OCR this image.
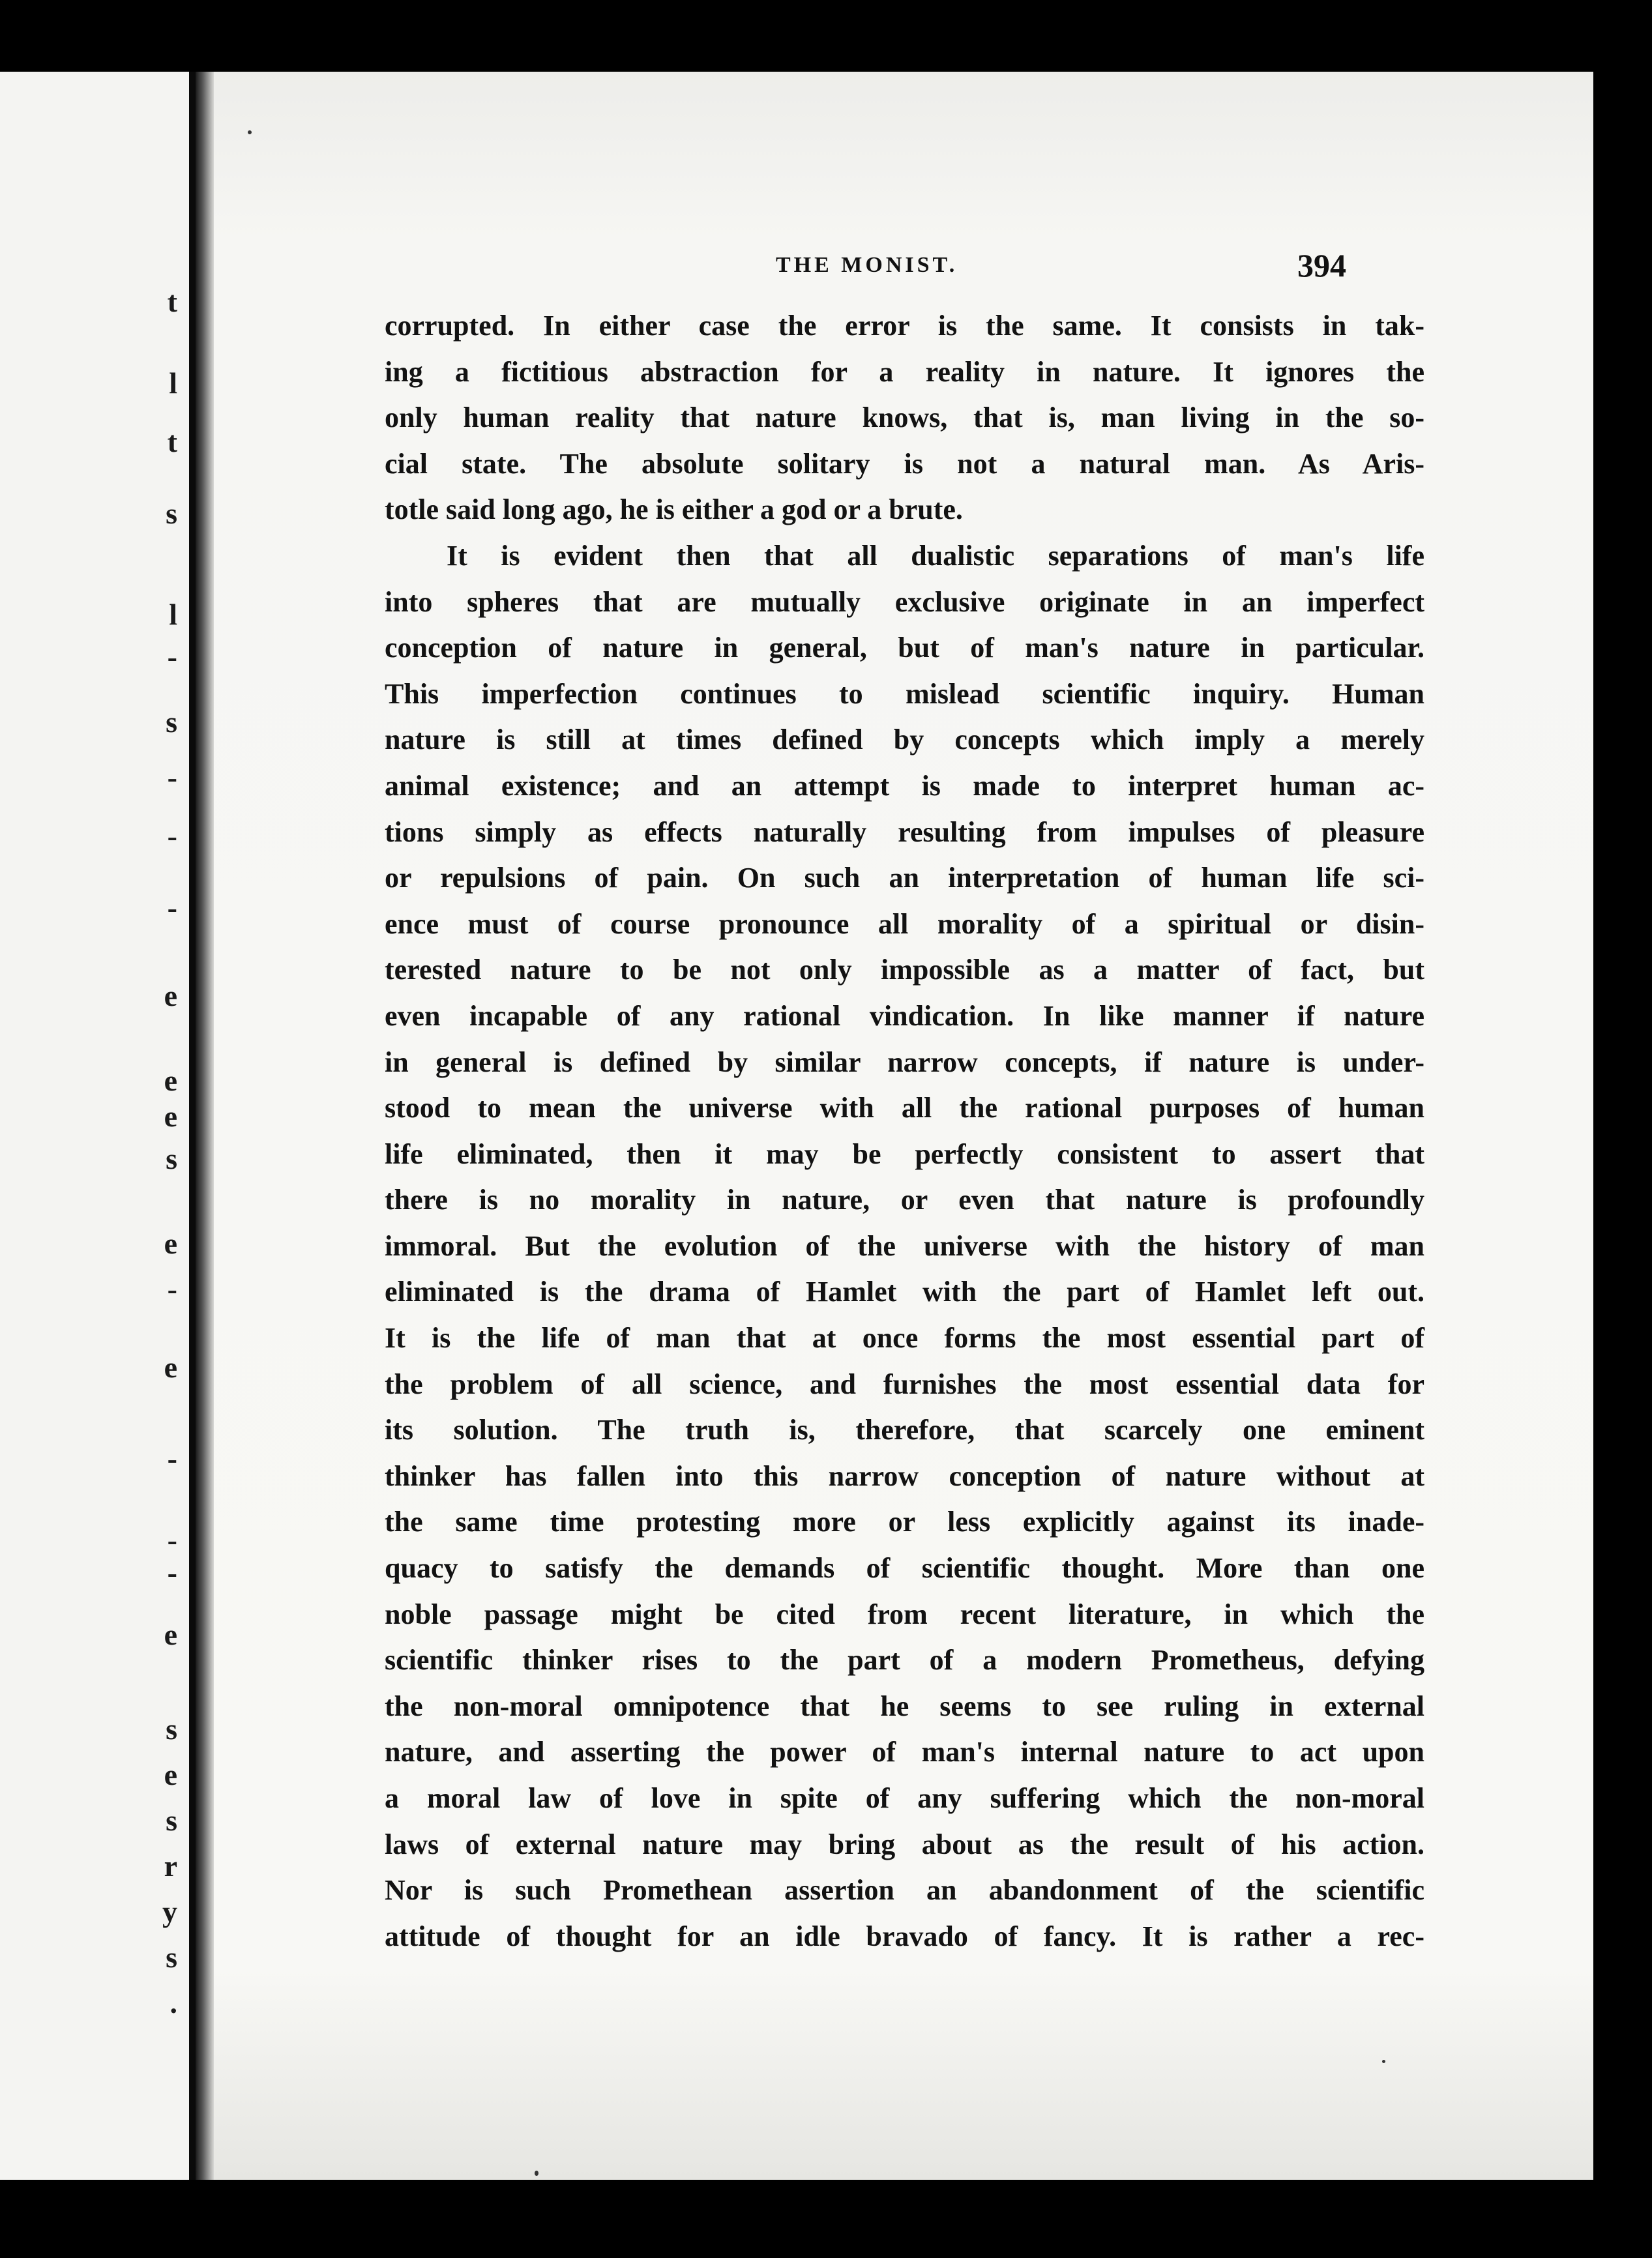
t
l
t
s
l
-
s
-
-
-
e
e
e
s
e
-
e
-
-
-
e
s
e
s
r
y
s
.
THE MONIST.	394
corrupted. In either case the error is the same. It consists in tak-
ing a fictitious abstraction for a reality in nature. It ignores the
only human reality that nature knows, that is, man living in the so-
cial state. The absolute solitary is not a natural man. As Aris-
totle said long ago, he is either a god or a brute.
It is evident then that all dualistic separations of man's life
into spheres that are mutually exclusive originate in an imperfect
conception of nature in general, but of man's nature in particular.
This imperfection continues to mislead scientific inquiry. Human
nature is still at times defined by concepts which imply a merely
animal existence; and an attempt is made to interpret human ac-
tions simply as effects naturally resulting from impulses of pleasure
or repulsions of pain. On such an interpretation of human life sci-
ence must of course pronounce all morality of a spiritual or disin-
terested nature to be not only impossible as a matter of fact, but
even incapable of any rational vindication. In like manner if nature
in general is defined by similar narrow concepts, if nature is under-
stood to mean the universe with all the rational purposes of human
life eliminated, then it may be perfectly consistent to assert that
there is no morality in nature, or even that nature is profoundly
immoral. But the evolution of the universe with the history of man
eliminated is the drama of Hamlet with the part of Hamlet left out.
It is the life of man that at once forms the most essential part of
the problem of all science, and furnishes the most essential data for
its solution. The truth is, therefore, that scarcely one eminent
thinker has fallen into this narrow conception of nature without at
the same time protesting more or less explicitly against its inade-
quacy to satisfy the demands of scientific thought. More than one
noble passage might be cited from recent literature, in which the
scientific thinker rises to the part of a modern Prometheus, defying
the non-moral omnipotence that he seems to see ruling in external
nature, and asserting the power of man's internal nature to act upon
a moral law of love in spite of any suffering which the non-moral
laws of external nature may bring about as the result of his action.
Nor is such Promethean assertion an abandonment of the scientific
attitude of thought for an idle bravado of fancy. It is rather a rec-
